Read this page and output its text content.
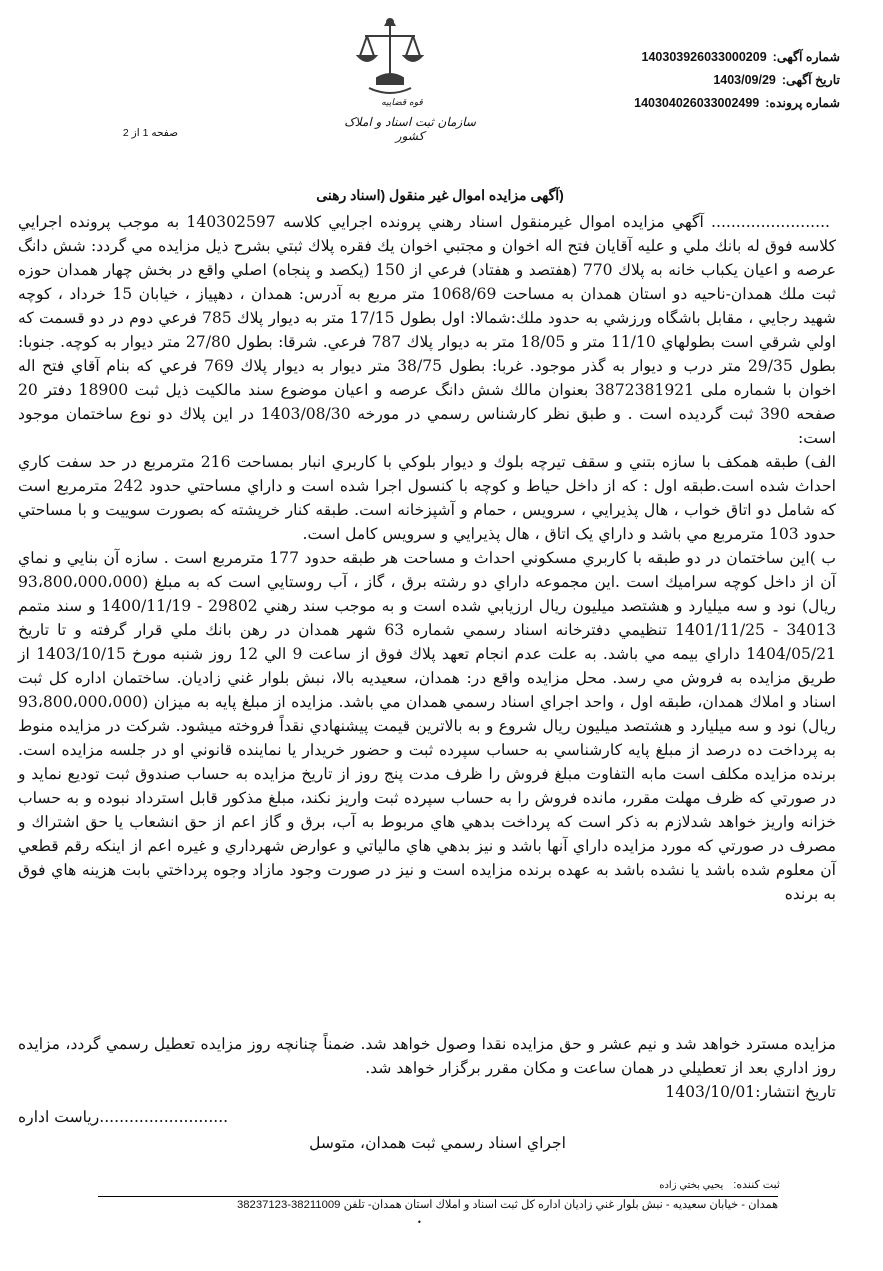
شماره آگهی:140303926033000209
تاریخ آگهی:1403/09/29
شماره پرونده:140304026033002499
صفحه 1 از 2
قوه قضاییه
سازمان ثبت اسناد و املاک کشور
(آگهی مزایده اموال غیر منقول (اسناد رهنی

........................ آگهي مزايده اموال غيرمنقول اسناد رهني پرونده اجرايي كلاسه 140302597 به موجب پرونده اجرايي كلاسه فوق له بانك ملي و عليه آقايان فتح اله اخوان و مجتبي اخوان يك فقره پلاك ثبتي بشرح ذيل مزايده مي گردد: شش دانگ عرصه و اعيان يكباب خانه به پلاك 770 (هفتصد و هفتاد) فرعي از 150 (يكصد و پنجاه) اصلي واقع در بخش چهار همدان حوزه ثبت ملك همدان-ناحيه دو استان همدان به مساحت 1068/69 متر مربع به آدرس: همدان ، دهپياز ، خيابان 15 خرداد ، كوچه شهيد رجايي ، مقابل باشگاه ورزشي به حدود ملك:شمالا: اول بطول 17/15 متر به ديوار پلاك 785 فرعي دوم در دو قسمت كه اولي شرقي است بطولهاي 11/10 متر و 18/05 متر به ديوار پلاك 787 فرعي. شرقا: بطول 27/80 متر ديوار به كوچه. جنوبا: بطول 29/35 متر درب و ديوار به گذر موجود. غربا: بطول 38/75 متر ديوار به ديوار پلاك 769 فرعي كه بنام آقاي فتح اله اخوان با شماره ملی 3872381921 بعنوان مالك شش دانگ عرصه و اعيان موضوع سند مالكيت ذيل ثبت 18900 دفتر 20 صفحه 390 ثبت گرديده است . و طبق نظر كارشناس رسمي در مورخه 1403/08/30 در اين پلاك دو نوع ساختمان موجود است:

الف) طبقه همكف با سازه بتني و سقف تيرچه بلوك و ديوار بلوكي با كاربري انبار بمساحت 216 مترمربع در حد سفت كاري احداث شده است.طبقه اول : كه از داخل حياط و كوچه با كنسول اجرا شده است و داراي مساحتي حدود 242 مترمربع است كه شامل دو اتاق خواب ، هال پذيرايي ، سرويس ، حمام و آشپزخانه است. طبقه كنار خرپشته كه بصورت سوييت و با مساحتي حدود 103 مترمربع مي باشد و داراي يک اتاق ، هال پذيرايي و سرويس كامل است.

ب )اين ساختمان در دو طبقه با كاربري مسكوني احداث و مساحت هر طبقه حدود 177 مترمربع است . سازه آن بنايي و نماي آن از داخل كوچه سراميك است .اين مجموعه داراي دو رشته برق ، گاز ، آب روستايي است كه به مبلغ (93،800،000،000 ريال) نود و سه ميليارد و هشتصد ميليون ريال ارزيابي شده است و به موجب سند رهني 29802 - 1400/11/19 و سند متمم 34013 - 1401/11/25 تنظيمي دفترخانه اسناد رسمي شماره 63 شهر همدان در رهن بانك ملي قرار گرفته و تا تاريخ 1404/05/21 داراي بيمه مي باشد. به علت عدم انجام تعهد پلاك فوق از ساعت 9 الي 12 روز شنبه مورخ 1403/10/15 از طريق مزايده به فروش مي رسد. محل مزايده واقع در: همدان، سعيديه بالا، نبش بلوار غني زاديان. ساختمان اداره كل ثبت اسناد و املاك همدان، طبقه اول ، واحد اجراي اسناد رسمي همدان مي باشد. مزايده از مبلغ پايه به ميزان (93،800،000،000 ريال) نود و سه ميليارد و هشتصد ميليون ريال شروع و به بالاترين قيمت پيشنهادي نقداً فروخته ميشود. شركت در مزايده منوط به پرداخت ده درصد از مبلغ پايه كارشناسي به حساب سپرده ثبت و حضور خريدار يا نماينده قانوني او در جلسه مزايده است. برنده مزايده مكلف است مابه التفاوت مبلغ فروش را ظرف مدت پنج روز از تاريخ مزايده به حساب صندوق ثبت توديع نمايد و در صورتي كه ظرف مهلت مقرر، مانده فروش را به حساب سپرده ثبت واريز نكند، مبلغ مذكور قابل استرداد نبوده و به حساب خزانه واريز خواهد شدلازم به ذكر است كه پرداخت بدهي هاي مربوط به آب، برق و گاز اعم از حق انشعاب يا حق اشتراك و مصرف در صورتي كه مورد مزايده داراي آنها باشد و نيز بدهي هاي مالياتي و عوارض شهرداري و غيره اعم از اينكه رقم قطعي آن معلوم شده باشد يا نشده باشد به عهده برنده مزايده است و نيز در صورت وجود مازاد وجوه پرداختي بابت هزينه هاي فوق به برنده

مزايده مسترد خواهد شد و نيم عشر و حق مزايده نقدا وصول خواهد شد. ضمناً چنانچه روز مزايده تعطيل رسمي گردد، مزايده روز اداري بعد از تعطيلي در همان ساعت و مكان مقرر برگزار خواهد شد.

تاريخ انتشار:1403/10/01

..........................رياست اداره
اجراي اسناد رسمي ثبت همدان، متوسل
ثبت كننده:يحيي بختي زاده
همدان - خيابان سعيديه - نبش بلوار غني زاديان اداره كل ثبت اسناد و املاك استان همدان- تلفن 38211009-38237123
•
